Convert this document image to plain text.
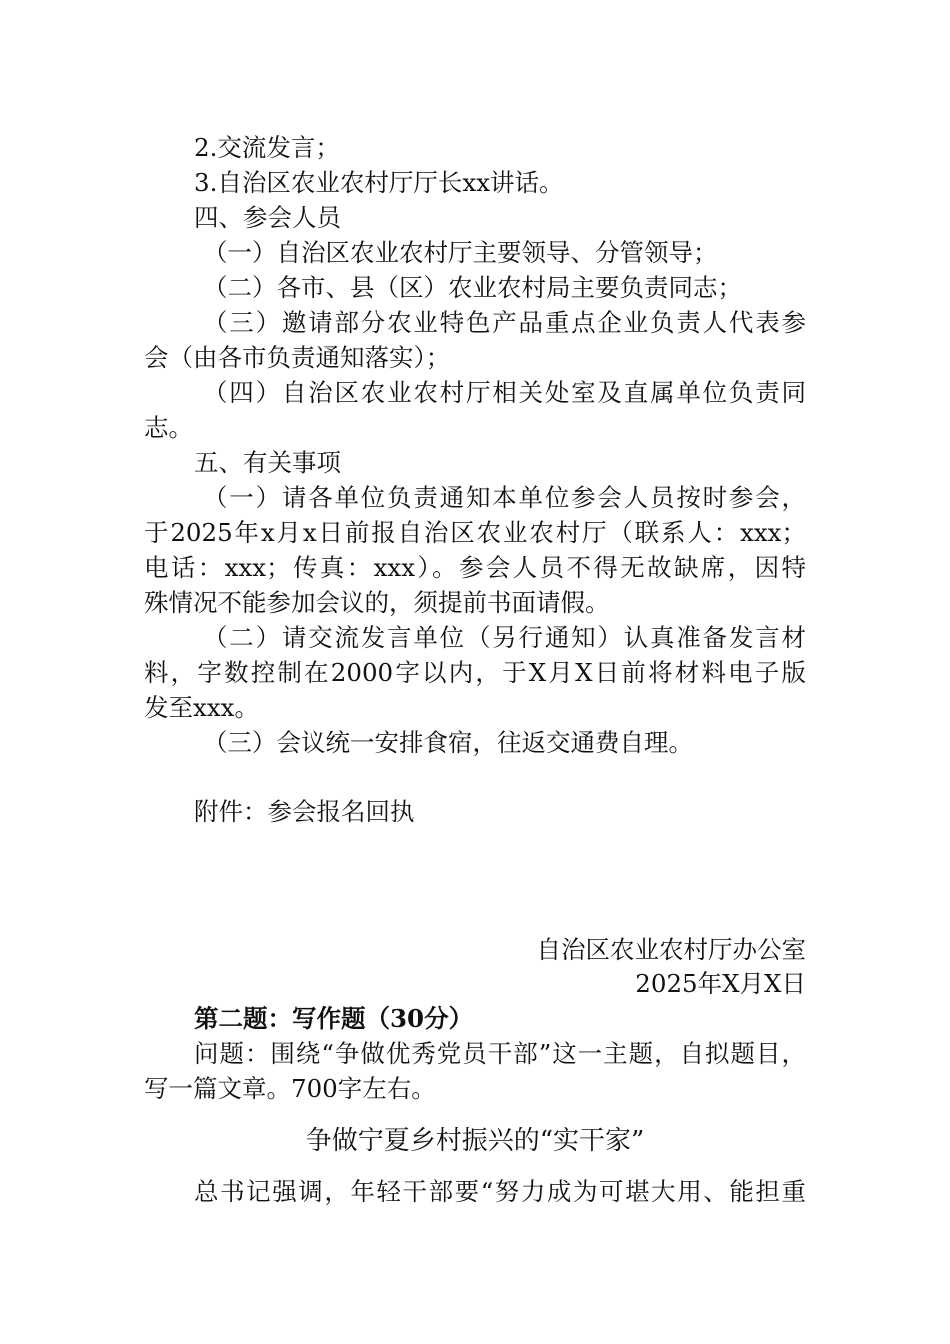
2.交流发言；
3.自治区农业农村厅厅长xx讲话。
四、参会人员
（一）自治区农业农村厅主要领导、分管领导；
（二）各市、县（区）农业农村局主要负责同志；
（三）邀请部分农业特色产品重点企业负责人代表参
会（由各市负责通知落实）；
（四）自治区农业农村厅相关处室及直属单位负责同
志。
五、有关事项
（一）请各单位负责通知本单位参会人员按时参会，
于2025年x月x日前报自治区农业农村厅（联系人：xxx；
电话：xxx；传真：xxx）。参会人员不得无故缺席，因特
殊情况不能参加会议的，须提前书面请假。
（二）请交流发言单位（另行通知）认真准备发言材
料，字数控制在2000字以内，于X月X日前将材料电子版
发至xxx。
（三）会议统一安排食宿，往返交通费自理。
附件：参会报名回执
自治区农业农村厅办公室
2025年X月X日
第二题：写作题（30分）
问题：围绕“争做优秀党员干部”这一主题，自拟题目，
写一篇文章。700字左右。
争做宁夏乡村振兴的“实干家”
总书记强调，年轻干部要“努力成为可堪大用、能担重
